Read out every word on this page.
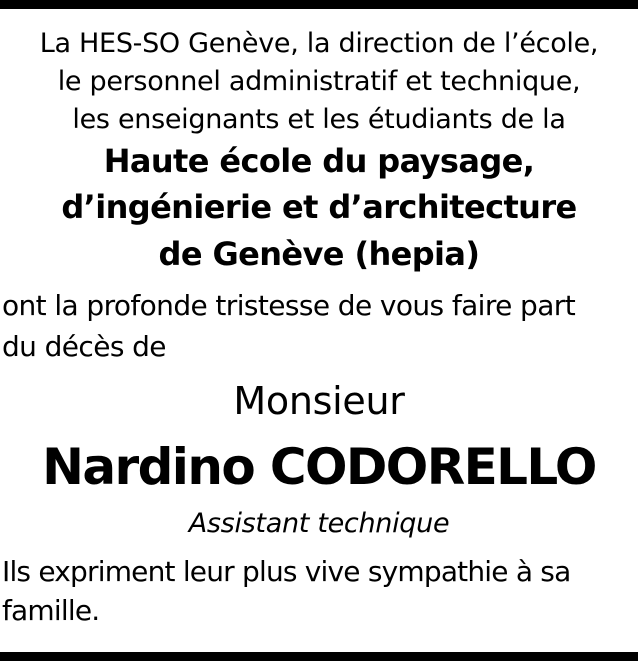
La HES-SO Genève, la direction de l’école,
le personnel administratif et technique,
les enseignants et les étudiants de la
Haute école du paysage,
d’ingénierie et d’architecture
de Genève (hepia)
ont la profonde tristesse de vous faire part
du décès de
Monsieur
Nardino CODORELLO
Assistant technique
Ils expriment leur plus vive sympathie à sa
famille.
